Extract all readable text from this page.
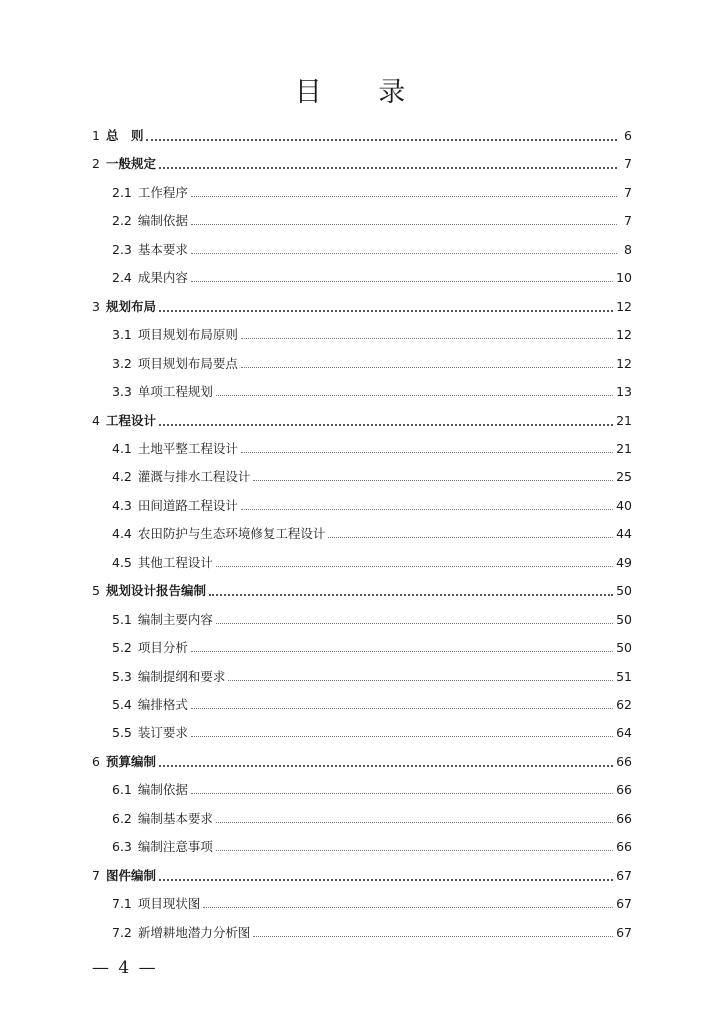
目 录
1 总　则	6
2 一般规定	7
2.1 工作程序	7
2.2 编制依据	7
2.3 基本要求	8
2.4 成果内容	10
3 规划布局	12
3.1 项目规划布局原则	12
3.2 项目规划布局要点	12
3.3 单项工程规划	13
4 工程设计	21
4.1 土地平整工程设计	21
4.2 灌溉与排水工程设计	25
4.3 田间道路工程设计	40
4.4 农田防护与生态环境修复工程设计	44
4.5 其他工程设计	49
5 规划设计报告编制	50
5.1 编制主要内容	50
5.2 项目分析	50
5.3 编制提纲和要求	51
5.4 编排格式	62
5.5 装订要求	64
6 预算编制	66
6.1 编制依据	66
6.2 编制基本要求	66
6.3 编制注意事项	66
7 图件编制	67
7.1 项目现状图	67
7.2 新增耕地潜力分析图	67
— 4 —
